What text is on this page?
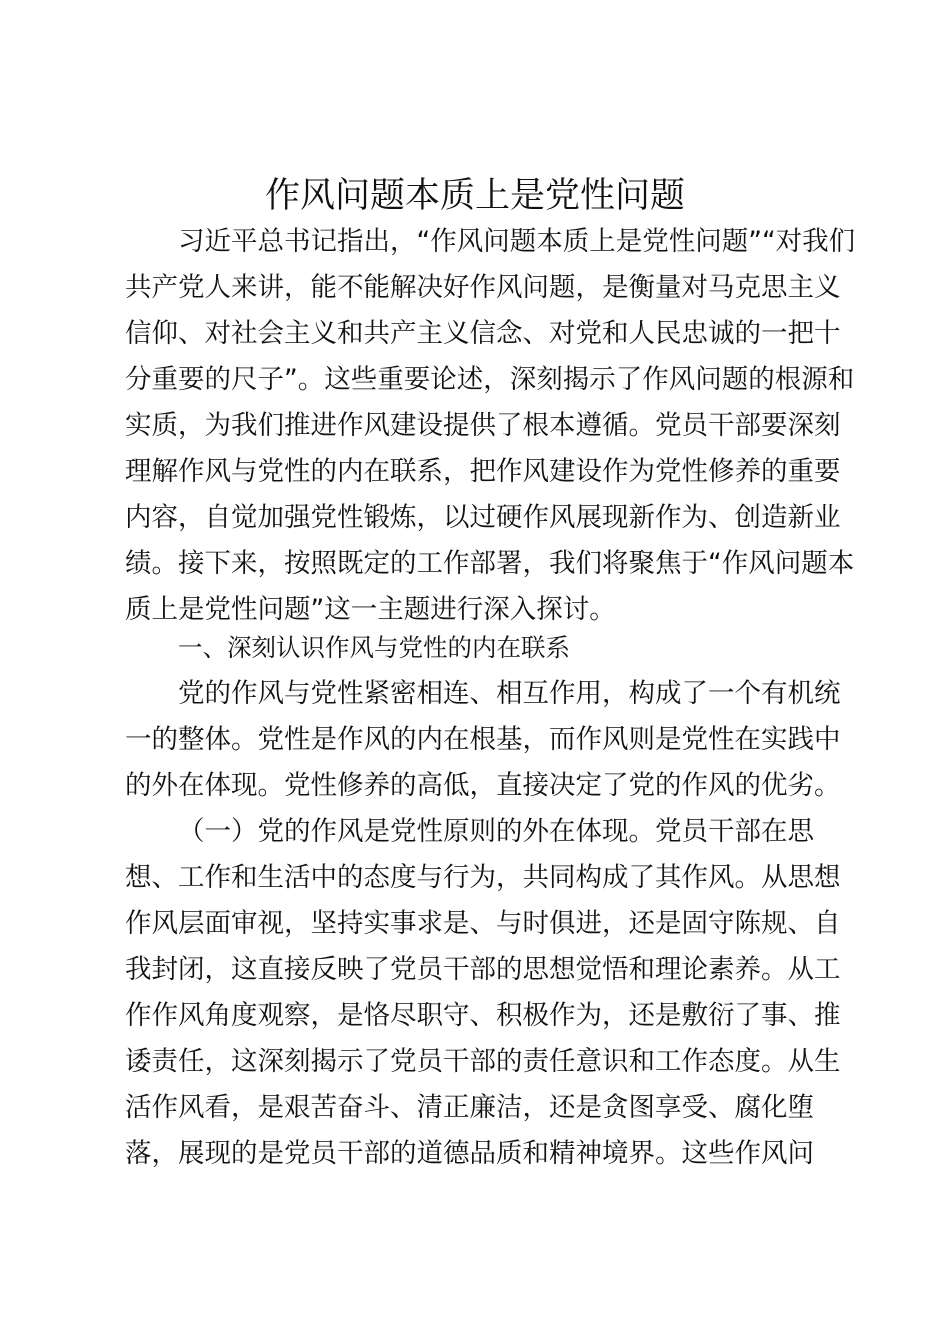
作风问题本质上是党性问题

习近平总书记指出，“作风问题本质上是党性问题”“对我们

共产党人来讲，能不能解决好作风问题，是衡量对马克思主义

信仰、对社会主义和共产主义信念、对党和人民忠诚的一把十

分重要的尺子”。这些重要论述，深刻揭示了作风问题的根源和

实质，为我们推进作风建设提供了根本遵循。党员干部要深刻

理解作风与党性的内在联系，把作风建设作为党性修养的重要

内容，自觉加强党性锻炼，以过硬作风展现新作为、创造新业

绩。接下来，按照既定的工作部署，我们将聚焦于“作风问题本

质上是党性问题”这一主题进行深入探讨。

一、深刻认识作风与党性的内在联系

党的作风与党性紧密相连、相互作用，构成了一个有机统

一的整体。党性是作风的内在根基，而作风则是党性在实践中

的外在体现。党性修养的高低，直接决定了党的作风的优劣。

（一）党的作风是党性原则的外在体现。党员干部在思

想、工作和生活中的态度与行为，共同构成了其作风。从思想

作风层面审视，坚持实事求是、与时俱进，还是固守陈规、自

我封闭，这直接反映了党员干部的思想觉悟和理论素养。从工

作作风角度观察，是恪尽职守、积极作为，还是敷衍了事、推

诿责任，这深刻揭示了党员干部的责任意识和工作态度。从生

活作风看，是艰苦奋斗、清正廉洁，还是贪图享受、腐化堕

落，展现的是党员干部的道德品质和精神境界。这些作风问
